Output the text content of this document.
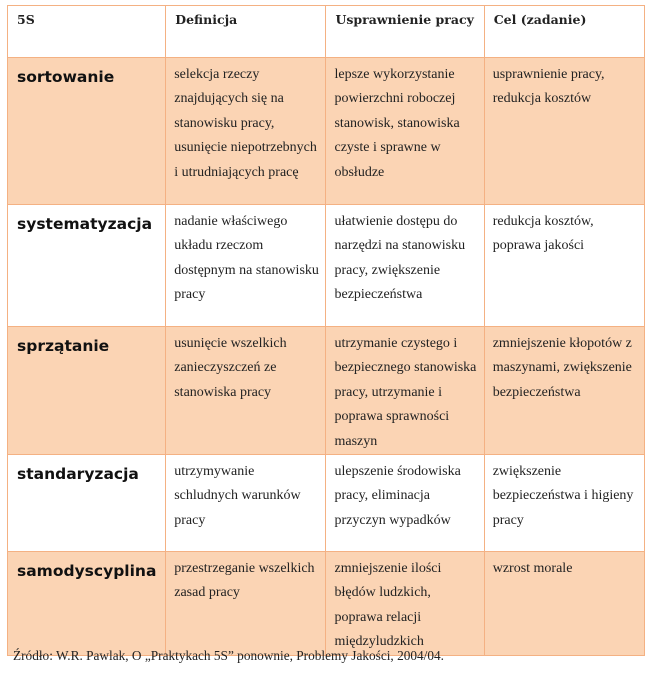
5S	Definicja	Usprawnienie pracy	Cel (zadanie)
sortowanie	selekcja rzeczy znajdujących się na stanowisku pracy, usunięcie niepotrzebnych i utrudniających pracę	lepsze wykorzystanie powierzchni roboczej stanowisk, stanowiska czyste i sprawne w obsłudze	usprawnienie pracy, redukcja kosztów
systematyzacja	nadanie właściwego układu rzeczom dostępnym na stanowisku pracy	ułatwienie dostępu do narzędzi na stanowisku pracy, zwiększenie bezpieczeństwa	redukcja kosztów, poprawa jakości
sprzątanie	usunięcie wszelkich zanieczyszczeń ze stanowiska pracy	utrzymanie czystego i bezpiecznego stanowiska pracy, utrzymanie i poprawa sprawności maszyn	zmniejszenie kłopotów z maszynami, zwiększenie bezpieczeństwa
standaryzacja	utrzymywanie schludnych warunków pracy	ulepszenie środowiska pracy, eliminacja przyczyn wypadków	zwiększenie bezpieczeństwa i higieny pracy
samodyscyplina	przestrzeganie wszelkich zasad pracy	zmniejszenie ilości błędów ludzkich, poprawa relacji międzyludzkich	wzrost morale
Źródło: W.R. Pawlak, O „Praktykach 5S” ponownie, Problemy Jakości, 2004/04.
